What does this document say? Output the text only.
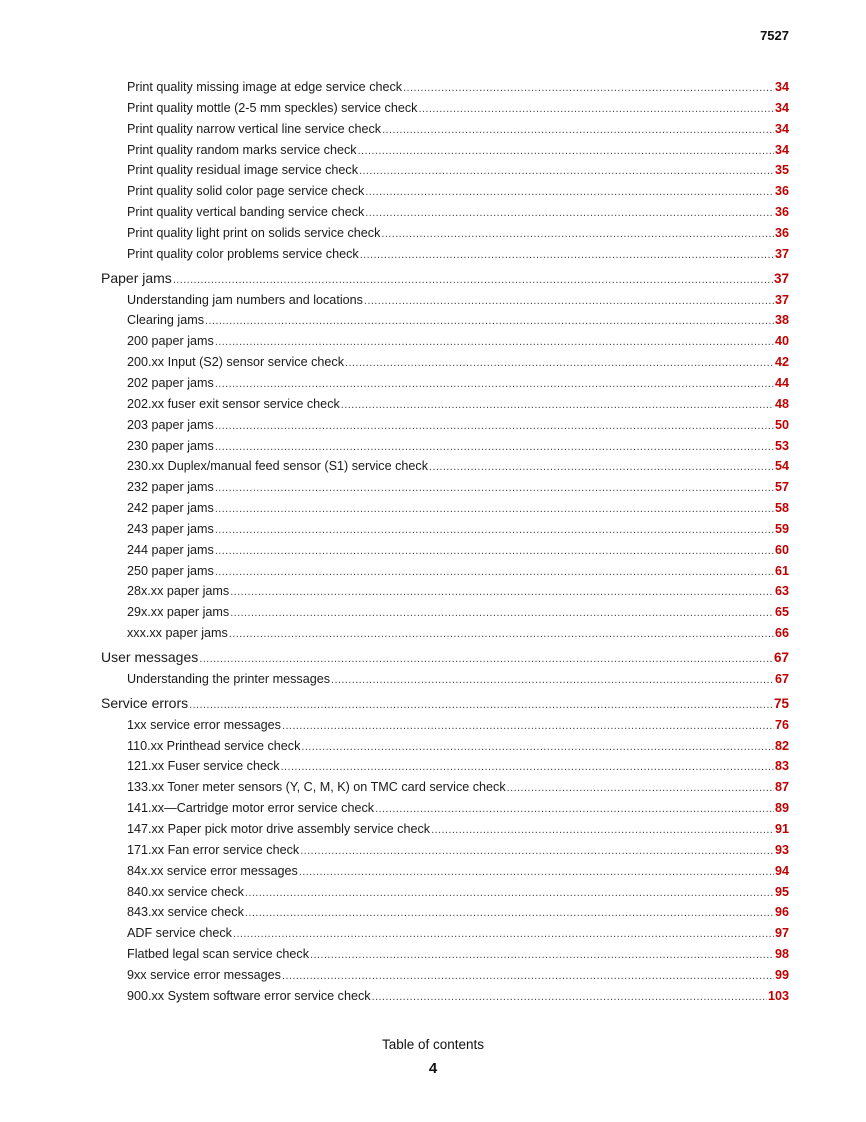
7527
Print quality missing image at edge service check .....	34
Print quality mottle (2-5 mm speckles) service check .....	34
Print quality narrow vertical line service check .....	34
Print quality random marks service check .....	34
Print quality residual image service check .....	35
Print quality solid color page service check .....	36
Print quality vertical banding service check .....	36
Print quality light print on solids service check .....	36
Print quality color problems service check .....	37
Paper jams .....	37
Understanding jam numbers and locations .....	37
Clearing jams .....	38
200 paper jams .....	40
200.xx Input (S2) sensor service check .....	42
202 paper jams .....	44
202.xx fuser exit sensor service check .....	48
203 paper jams .....	50
230 paper jams .....	53
230.xx Duplex/manual feed sensor (S1) service check .....	54
232 paper jams .....	57
242 paper jams .....	58
243 paper jams .....	59
244 paper jams .....	60
250 paper jams .....	61
28x.xx paper jams .....	63
29x.xx paper jams .....	65
xxx.xx paper jams .....	66
User messages .....	67
Understanding the printer messages .....	67
Service errors .....	75
1xx service error messages .....	76
110.xx Printhead service check .....	82
121.xx Fuser service check .....	83
133.xx Toner meter sensors (Y, C, M, K) on TMC card service check .....	87
141.xx—Cartridge motor error service check .....	89
147.xx Paper pick motor drive assembly service check .....	91
171.xx Fan error service check .....	93
84x.xx service error messages .....	94
840.xx service check .....	95
843.xx service check .....	96
ADF service check .....	97
Flatbed legal scan service check .....	98
9xx service error messages .....	99
900.xx System software error service check .....	103
Table of contents
4
